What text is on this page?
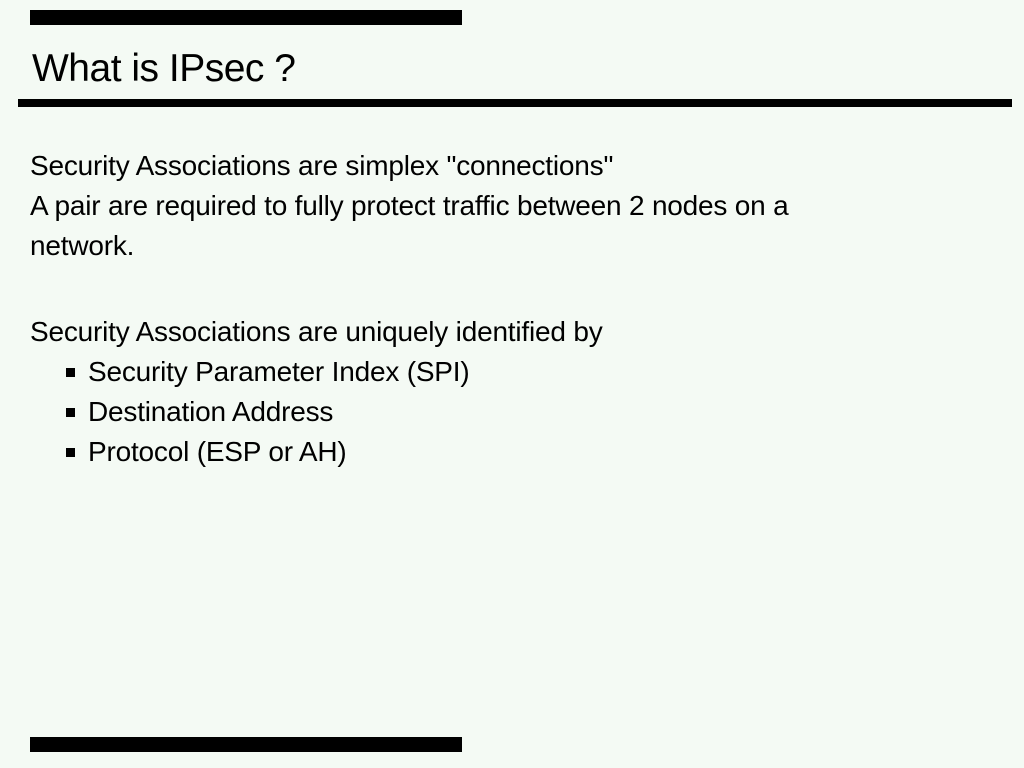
What is IPsec ?
Security Associations are simplex "connections"
A pair are required to fully protect traffic between 2 nodes on a
network.
Security Associations are uniquely identified by
Security Parameter Index (SPI)
Destination Address
Protocol (ESP or AH)
